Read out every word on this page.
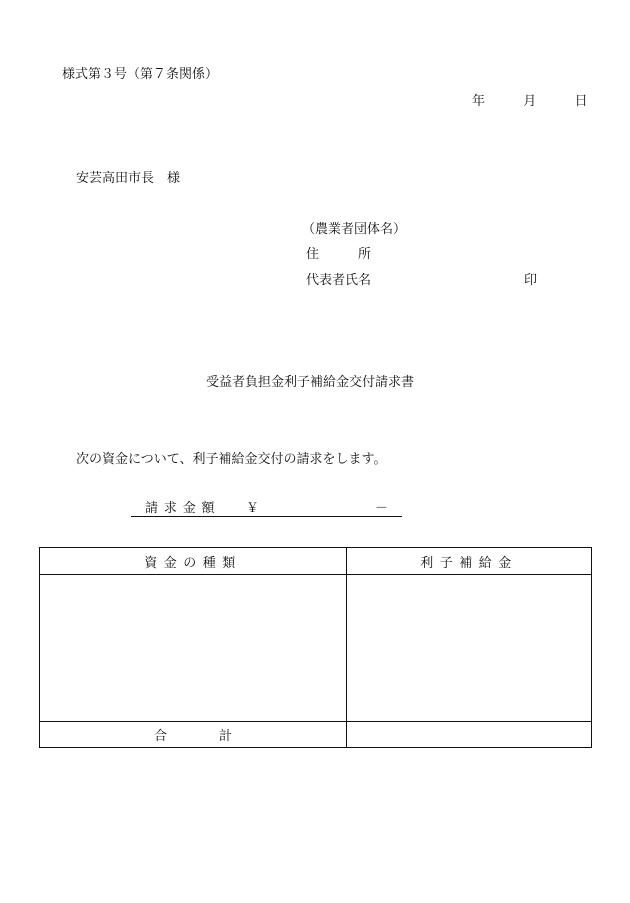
様式第３号（第７条関係）
年	月	日
安芸高田市長　様
（農業者団体名）
住　　　所
代表者氏名	印
受益者負担金利子補給金交付請求書
次の資金について、利子補給金交付の請求をします。
請求金額 ￥	－
資金の種類	利子補給金

合　　　　計	
